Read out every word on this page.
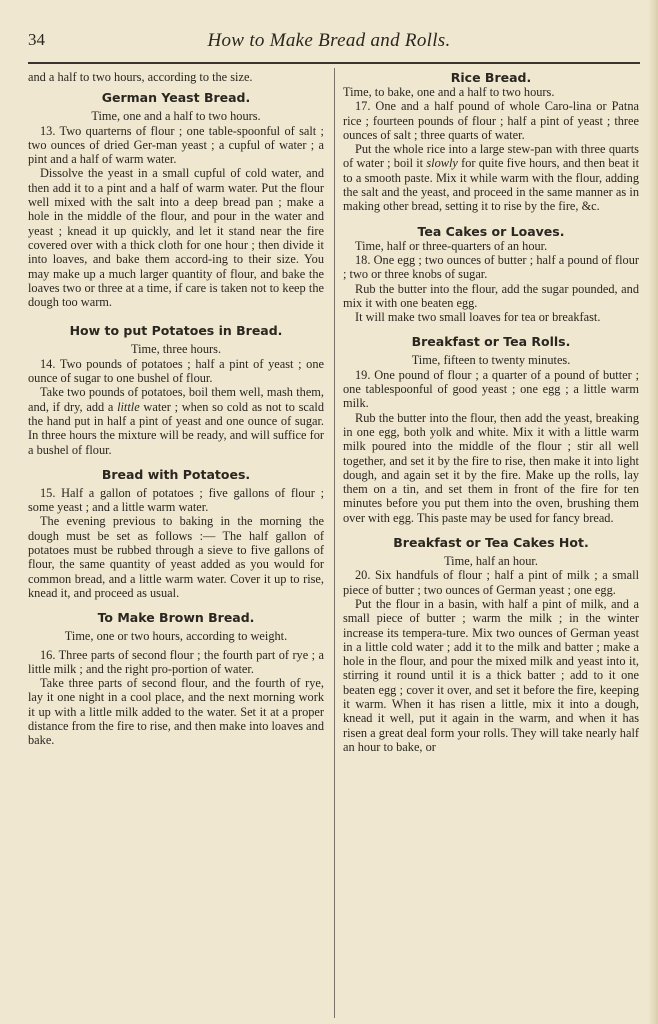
34	How to Make Bread and Rolls.

and a half to two hours, according to the size.

German Yeast Bread.

Time, one and a half to two hours.

13. Two quarterns of flour ; one table-spoonful of salt ; two ounces of dried Ger-man yeast ; a cupful of water ; a pint and a half of warm water.

Dissolve the yeast in a small cupful of cold water, and then add it to a pint and a half of warm water. Put the flour well mixed with the salt into a deep bread pan ; make a hole in the middle of the flour, and pour in the water and yeast ; knead it up quickly, and let it stand near the fire covered over with a thick cloth for one hour ; then divide it into loaves, and bake them accord-ing to their size. You may make up a much larger quantity of flour, and bake the loaves two or three at a time, if care is taken not to keep the dough too warm.

How to put Potatoes in Bread.

Time, three hours.

14. Two pounds of potatoes ; half a pint of yeast ; one ounce of sugar to one bushel of flour.

Take two pounds of potatoes, boil them well, mash them, and, if dry, add a little water ; when so cold as not to scald the hand put in half a pint of yeast and one ounce of sugar. In three hours the mixture will be ready, and will suffice for a bushel of flour.

Bread with Potatoes.

15. Half a gallon of potatoes ; five gallons of flour ; some yeast ; and a little warm water.

The evening previous to baking in the morning the dough must be set as follows :— The half gallon of potatoes must be rubbed through a sieve to five gallons of flour, the same quantity of yeast added as you would for common bread, and a little warm water. Cover it up to rise, knead it, and proceed as usual.

To Make Brown Bread.

Time, one or two hours, according to weight.

16. Three parts of second flour ; the fourth part of rye ; a little milk ; and the right pro-portion of water.

Take three parts of second flour, and the fourth of rye, lay it one night in a cool place, and the next morning work it up with a little milk added to the water. Set it at a proper distance from the fire to rise, and then make into loaves and bake.

Rice Bread.

Time, to bake, one and a half to two hours.

17. One and a half pound of whole Caro-lina or Patna rice ; fourteen pounds of flour ; half a pint of yeast ; three ounces of salt ; three quarts of water.

Put the whole rice into a large stew-pan with three quarts of water ; boil it slowly for quite five hours, and then beat it to a smooth paste. Mix it while warm with the flour, adding the salt and the yeast, and proceed in the same manner as in making other bread, setting it to rise by the fire, &c.

Tea Cakes or Loaves.

Time, half or three-quarters of an hour.

18. One egg ; two ounces of butter ; half a pound of flour ; two or three knobs of sugar.

Rub the butter into the flour, add the sugar pounded, and mix it with one beaten egg.

It will make two small loaves for tea or breakfast.

Breakfast or Tea Rolls.

Time, fifteen to twenty minutes.

19. One pound of flour ; a quarter of a pound of butter ; one tablespoonful of good yeast ; one egg ; a little warm milk.

Rub the butter into the flour, then add the yeast, breaking in one egg, both yolk and white. Mix it with a little warm milk poured into the middle of the flour ; stir all well together, and set it by the fire to rise, then make it into light dough, and again set it by the fire. Make up the rolls, lay them on a tin, and set them in front of the fire for ten minutes before you put them into the oven, brushing them over with egg. This paste may be used for fancy bread.

Breakfast or Tea Cakes Hot.

Time, half an hour.

20. Six handfuls of flour ; half a pint of milk ; a small piece of butter ; two ounces of German yeast ; one egg.

Put the flour in a basin, with half a pint of milk, and a small piece of butter ; warm the milk ; in the winter increase its tempera-ture. Mix two ounces of German yeast in a little cold water ; add it to the milk and batter ; make a hole in the flour, and pour the mixed milk and yeast into it, stirring it round until it is a thick batter ; add to it one beaten egg ; cover it over, and set it before the fire, keeping it warm. When it has risen a little, mix it into a dough, knead it well, put it again in the warm, and when it has risen a great deal form your rolls. They will take nearly half an hour to bake, or
